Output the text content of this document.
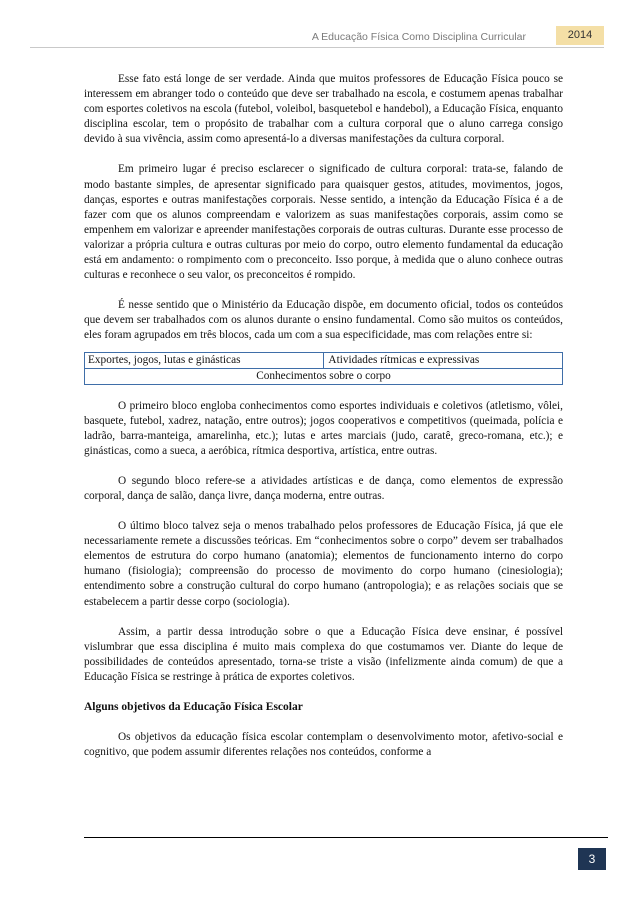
A Educação Física Como Disciplina Curricular	2014

Esse fato está longe de ser verdade. Ainda que muitos professores de Educação Física pouco se interessem em abranger todo o conteúdo que deve ser trabalhado na escola, e costumem apenas trabalhar com esportes coletivos na escola (futebol, voleibol, basquetebol e handebol), a Educação Física, enquanto disciplina escolar, tem o propósito de trabalhar com a cultura corporal que o aluno carrega consigo devido à sua vivência, assim como apresentá-lo a diversas manifestações da cultura corporal.

Em primeiro lugar é preciso esclarecer o significado de cultura corporal: trata-se, falando de modo bastante simples, de apresentar significado para quaisquer gestos, atitudes, movimentos, jogos, danças, esportes e outras manifestações corporais. Nesse sentido, a intenção da Educação Física é a de fazer com que os alunos compreendam e valorizem as suas manifestações corporais, assim como se empenhem em valorizar e apreender manifestações corporais de outras culturas. Durante esse processo de valorizar a própria cultura e outras culturas por meio do corpo, outro elemento fundamental da educação está em andamento: o rompimento com o preconceito. Isso porque, à medida que o aluno conhece outras culturas e reconhece o seu valor, os preconceitos é rompido.

É nesse sentido que o Ministério da Educação dispõe, em documento oficial, todos os conteúdos que devem ser trabalhados com os alunos durante o ensino fundamental. Como são muitos os conteúdos, eles foram agrupados em três blocos, cada um com a sua especificidade, mas com relações entre si:

Exportes, jogos, lutas e ginásticas	Atividades rítmicas e expressivas
Conhecimentos sobre o corpo

O primeiro bloco engloba conhecimentos como esportes individuais e coletivos (atletismo, vôlei, basquete, futebol, xadrez, natação, entre outros); jogos cooperativos e competitivos (queimada, polícia e ladrão, barra-manteiga, amarelinha, etc.); lutas e artes marciais (judo, caratê, greco-romana, etc.); e ginásticas, como a sueca, a aeróbica, rítmica desportiva, artística, entre outras.

O segundo bloco refere-se a atividades artísticas e de dança, como elementos de expressão corporal, dança de salão, dança livre, dança moderna, entre outras.

O último bloco talvez seja o menos trabalhado pelos professores de Educação Física, já que ele necessariamente remete a discussões teóricas. Em “conhecimentos sobre o corpo” devem ser trabalhados elementos de estrutura do corpo humano (anatomia); elementos de funcionamento interno do corpo humano (fisiologia); compreensão do processo de movimento do corpo humano (cinesiologia); entendimento sobre a construção cultural do corpo humano (antropologia); e as relações sociais que se estabelecem a partir desse corpo (sociologia).

Assim, a partir dessa introdução sobre o que a Educação Física deve ensinar, é possível vislumbrar que essa disciplina é muito mais complexa do que costumamos ver. Diante do leque de possibilidades de conteúdos apresentado, torna-se triste a visão (infelizmente ainda comum) de que a Educação Física se restringe à prática de exportes coletivos.

Alguns objetivos da Educação Física Escolar

Os objetivos da educação física escolar contemplam o desenvolvimento motor, afetivo-social e cognitivo, que podem assumir diferentes relações nos conteúdos, conforme a

3
